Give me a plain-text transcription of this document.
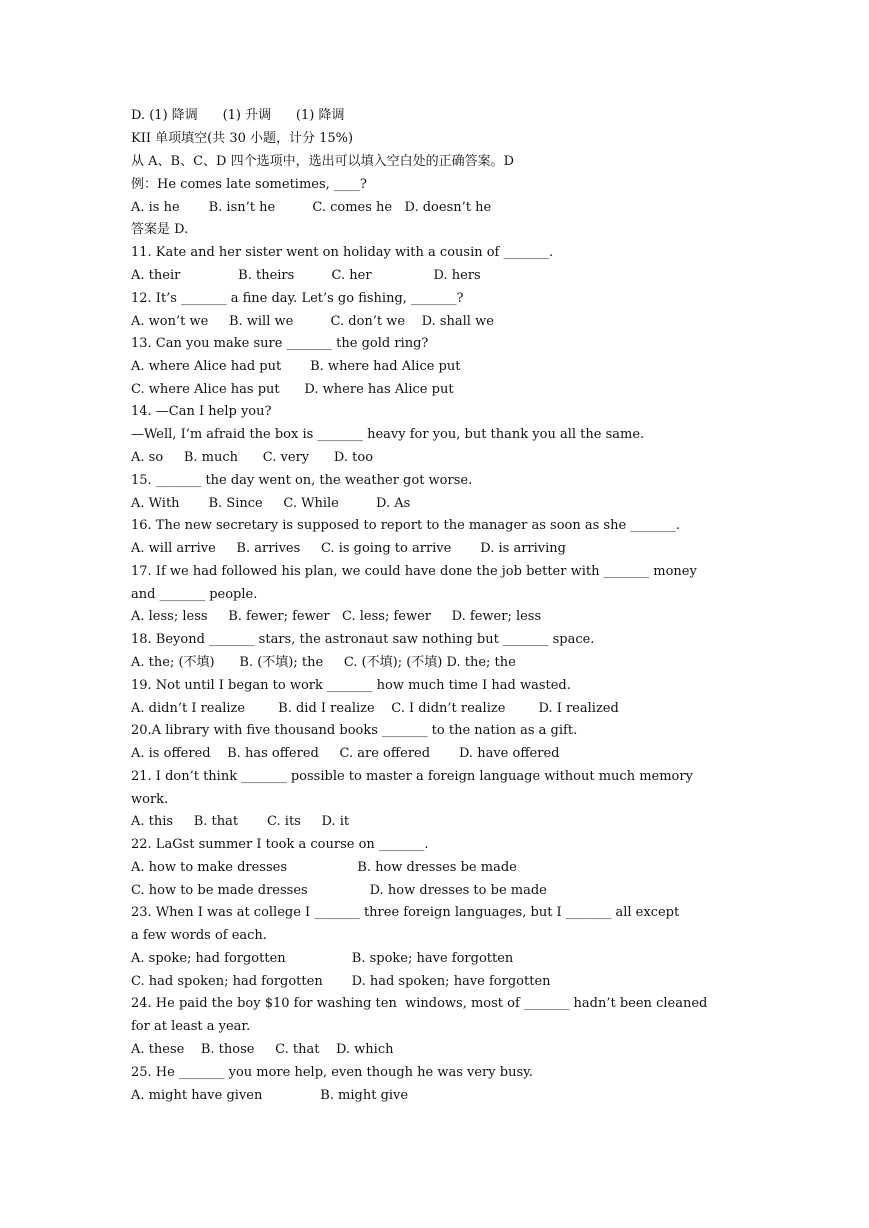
D. (1) 降调      (1) 升调      (1) 降调
KII 单项填空(共 30 小题，计分 15%)
从 A、B、C、D 四个选项中，选出可以填入空白处的正确答案。D
例：He comes late sometimes, ____?
A. is he       B. isn’t he         C. comes he   D. doesn’t he
答案是 D.
11. Kate and her sister went on holiday with a cousin of _______.
A. their              B. theirs         C. her               D. hers
12. It’s _______ a fine day. Let’s go fishing, _______?
A. won’t we     B. will we         C. don’t we    D. shall we
13. Can you make sure _______ the gold ring?
A. where Alice had put       B. where had Alice put
C. where Alice has put      D. where has Alice put
14. —Can I help you?
—Well, I’m afraid the box is _______ heavy for you, but thank you all the same.
A. so     B. much      C. very      D. too
15. _______ the day went on, the weather got worse.
A. With       B. Since     C. While         D. As
16. The new secretary is supposed to report to the manager as soon as she _______.
A. will arrive     B. arrives     C. is going to arrive       D. is arriving
17. If we had followed his plan, we could have done the job better with _______ money
and _______ people.
A. less; less     B. fewer; fewer   C. less; fewer     D. fewer; less
18. Beyond _______ stars, the astronaut saw nothing but _______ space.
A. the; (不填)      B. (不填); the     C. (不填); (不填) D. the; the
19. Not until I began to work _______ how much time I had wasted.
A. didn’t I realize        B. did I realize    C. I didn’t realize        D. I realized
20.A library with five thousand books _______ to the nation as a gift.
A. is offered    B. has offered     C. are offered       D. have offered
21. I don’t think _______ possible to master a foreign language without much memory
work.
A. this     B. that       C. its     D. it
22. LaGst summer I took a course on _______.
A. how to make dresses                 B. how dresses be made
C. how to be made dresses               D. how dresses to be made
23. When I was at college I _______ three foreign languages, but I _______ all except
a few words of each.
A. spoke; had forgotten                B. spoke; have forgotten
C. had spoken; had forgotten       D. had spoken; have forgotten
24. He paid the boy $10 for washing ten  windows, most of _______ hadn’t been cleaned
for at least a year.
A. these    B. those     C. that    D. which
25. He _______ you more help, even though he was very busy.
A. might have given              B. might give
